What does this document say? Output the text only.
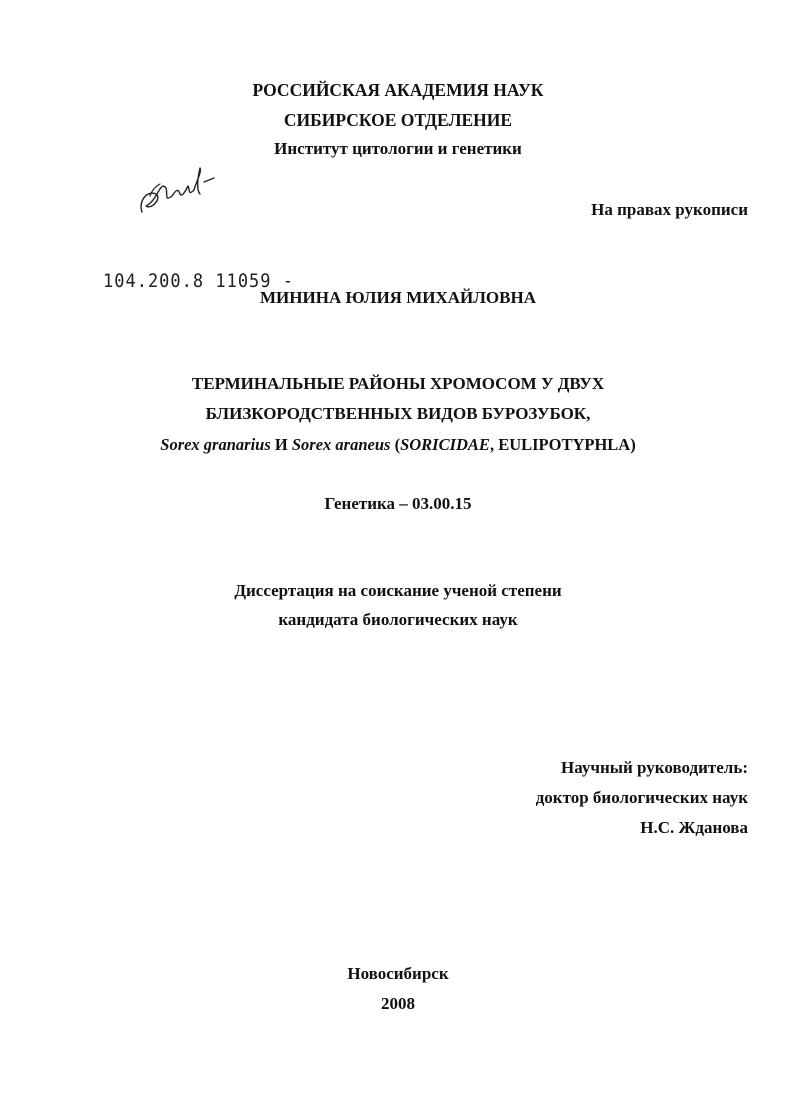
РОССИЙСКАЯ АКАДЕМИЯ НАУК
СИБИРСКОЕ ОТДЕЛЕНИЕ
Институт цитологии и генетики
На правах рукописи
104.200.8 11059 -
МИНИНА ЮЛИЯ МИХАЙЛОВНА
ТЕРМИНАЛЬНЫЕ РАЙОНЫ ХРОМОСОМ У ДВУХ
БЛИЗКОРОДСТВЕННЫХ ВИДОВ БУРОЗУБОК,
Sorex granarius И Sorex araneus (SORICIDAE, EULIPOTYPHLA)
Генетика – 03.00.15
Диссертация на соискание ученой степени
кандидата биологических наук
Научный руководитель:
доктор биологических наук
Н.С. Жданова
Новосибирск
2008
